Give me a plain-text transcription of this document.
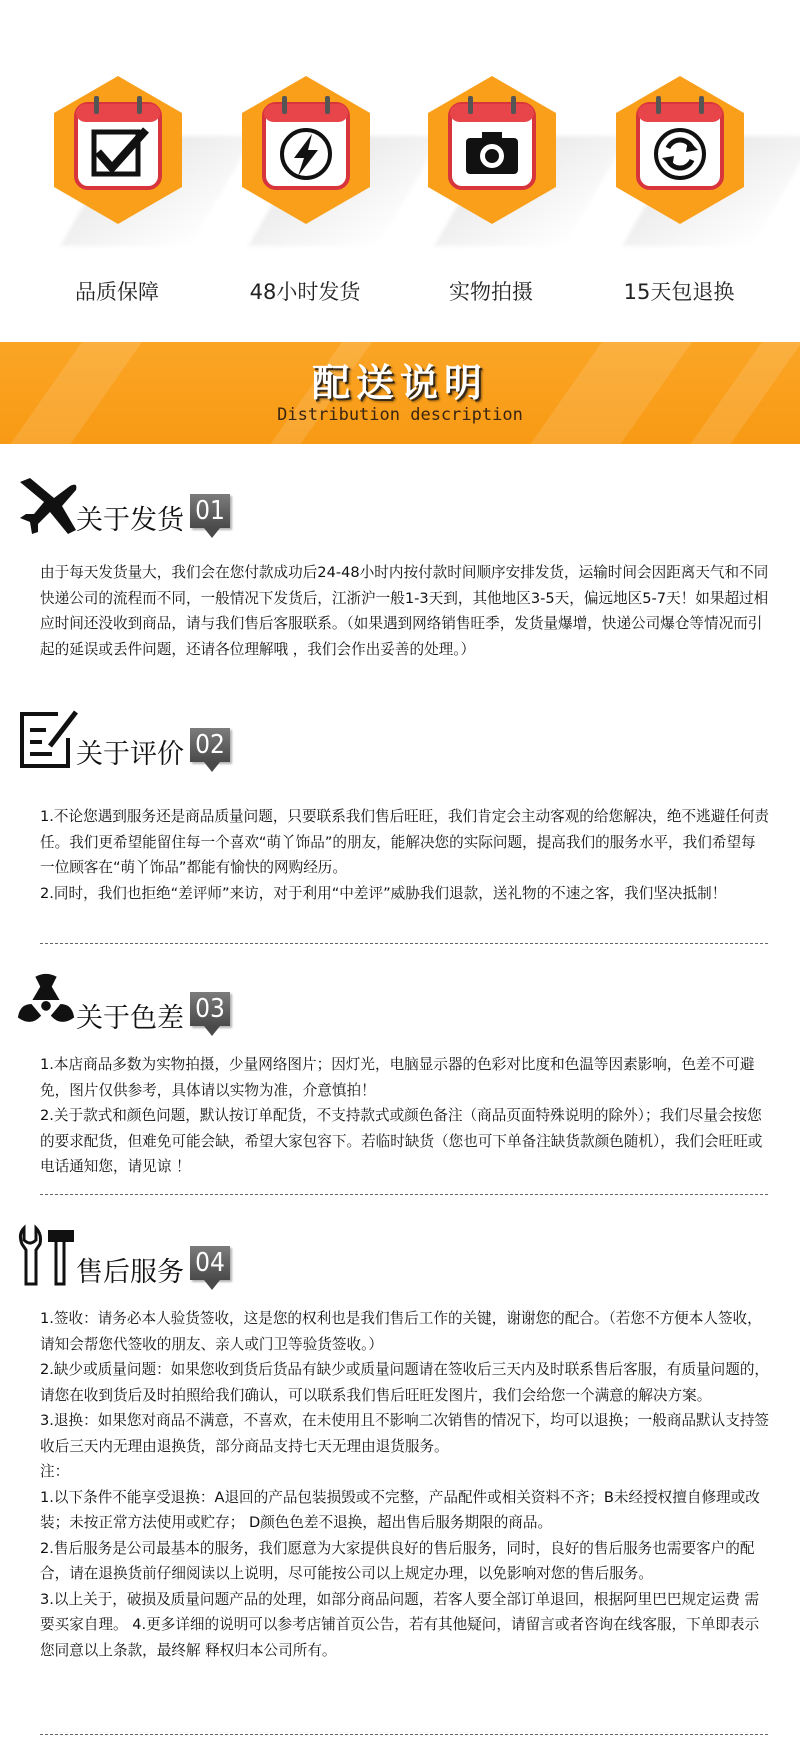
品质保障	48小时发货	实物拍摄	15天包退换
配送说明
Distribution description
关于发货 01

由于每天发货量大，我们会在您付款成功后24-48小时内按付款时间顺序安排发货，运输时间会因距离天气和不同快递公司的流程而不同，一般情况下发货后，江浙沪一般1-3天到，其他地区3-5天，偏远地区5-7天！如果超过相应时间还没收到商品，请与我们售后客服联系。（如果遇到网络销售旺季，发货量爆增，快递公司爆仓等情况而引起的延误或丢件问题，还请各位理解哦 ，我们会作出妥善的处理。）

关于评价 02

1.不论您遇到服务还是商品质量问题，只要联系我们售后旺旺，我们肯定会主动客观的给您解决，绝不逃避任何责任。我们更希望能留住每一个喜欢“萌丫饰品”的朋友，能解决您的实际问题，提高我们的服务水平，我们希望每一位顾客在“萌丫饰品”都能有愉快的网购经历。

2.同时，我们也拒绝“差评师”来访，对于利用“中差评”威胁我们退款，送礼物的不速之客，我们坚决抵制！

关于色差 03

1.本店商品多数为实物拍摄，少量网络图片；因灯光，电脑显示器的色彩对比度和色温等因素影响，色差不可避免，图片仅供参考，具体请以实物为准，介意慎拍！

2.关于款式和颜色问题，默认按订单配货，不支持款式或颜色备注（商品页面特殊说明的除外）；我们尽量会按您的要求配货，但难免可能会缺，希望大家包容下。若临时缺货（您也可下单备注缺货款颜色随机），我们会旺旺或电话通知您，请见谅 ！

售后服务 04

1.签收：请务必本人验货签收，这是您的权利也是我们售后工作的关键，谢谢您的配合。（若您不方便本人签收，请知会帮您代签收的朋友、亲人或门卫等验货签收。）

2.缺少或质量问题：如果您收到货后货品有缺少或质量问题请在签收后三天内及时联系售后客服，有质量问题的，请您在收到货后及时拍照给我们确认，可以联系我们售后旺旺发图片，我们会给您一个满意的解决方案。

3.退换：如果您对商品不满意，不喜欢，在未使用且不影响二次销售的情况下，均可以退换；一般商品默认支持签收后三天内无理由退换货，部分商品支持七天无理由退货服务。

注：

1.以下条件不能享受退换：A退回的产品包装损毁或不完整，产品配件或相关资料不齐；B未经授权擅自修理或改装；未按正常方法使用或贮存； D颜色色差不退换，超出售后服务期限的商品。

2.售后服务是公司最基本的服务，我们愿意为大家提供良好的售后服务，同时，良好的售后服务也需要客户的配合，请在退换货前仔细阅读以上说明，尽可能按公司以上规定办理，以免影响对您的售后服务。

3.以上关于，破损及质量问题产品的处理，如部分商品问题，若客人要全部订单退回，根据阿里巴巴规定运费 需要买家自理。 4.更多详细的说明可以参考店铺首页公告，若有其他疑问，请留言或者咨询在线客服，下单即表示您同意以上条款，最终解 释权归本公司所有。
